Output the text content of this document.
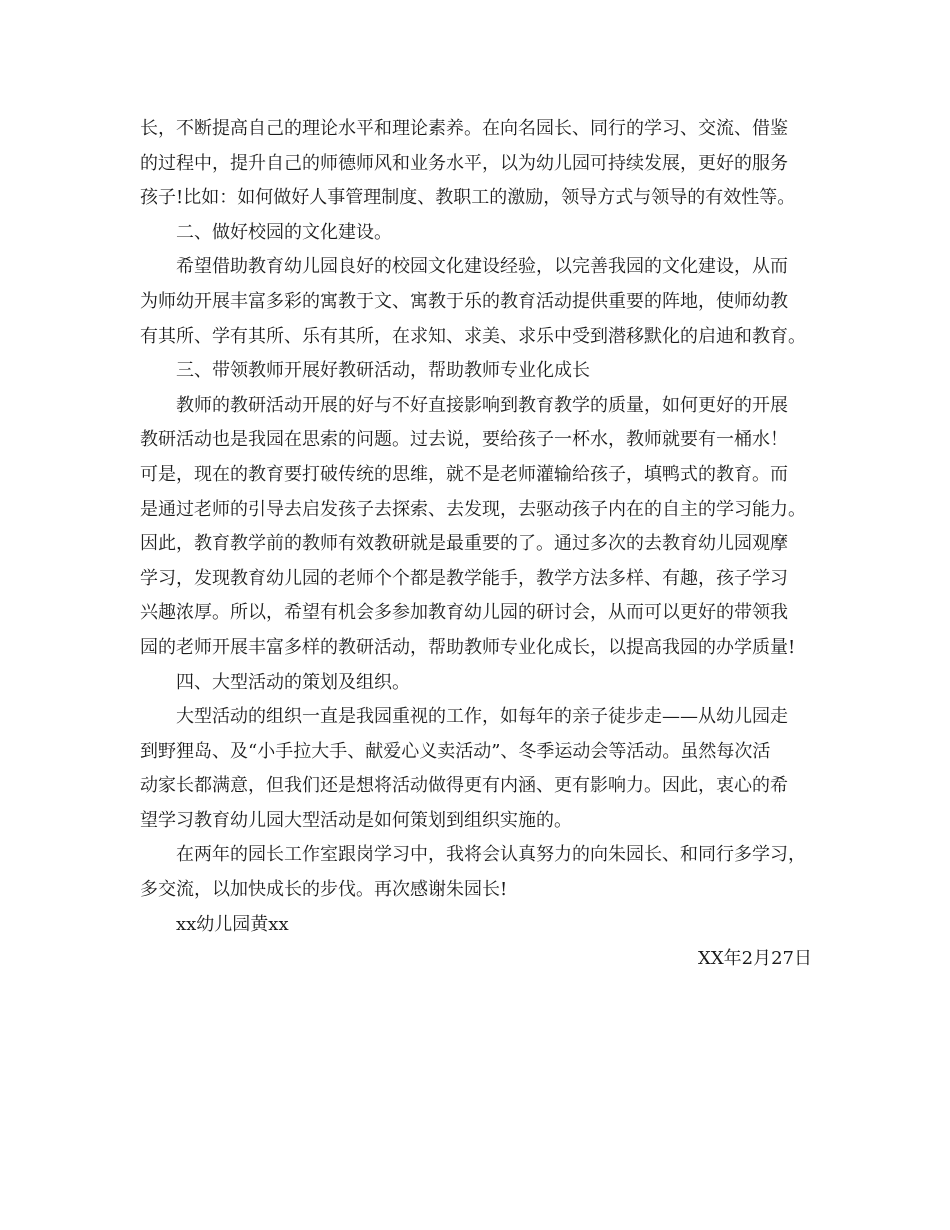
长，不断提高自己的理论水平和理论素养。在向名园长、同行的学习、交流、借鉴
的过程中，提升自己的师德师风和业务水平，以为幼儿园可持续发展，更好的服务
孩子!比如：如何做好人事管理制度、教职工的激励，领导方式与领导的有效性等。
二、做好校园的文化建设。
希望借助教育幼儿园良好的校园文化建设经验，以完善我园的文化建设，从而
为师幼开展丰富多彩的寓教于文、寓教于乐的教育活动提供重要的阵地，使师幼教
有其所、学有其所、乐有其所，在求知、求美、求乐中受到潜移默化的启迪和教育。
三、带领教师开展好教研活动，帮助教师专业化成长
教师的教研活动开展的好与不好直接影响到教育教学的质量，如何更好的开展
教研活动也是我园在思索的问题。过去说，要给孩子一杯水，教师就要有一桶水！
可是，现在的教育要打破传统的思维，就不是老师灌输给孩子，填鸭式的教育。而
是通过老师的引导去启发孩子去探索、去发现，去驱动孩子内在的自主的学习能力。
因此，教育教学前的教师有效教研就是最重要的了。通过多次的去教育幼儿园观摩
学习，发现教育幼儿园的老师个个都是教学能手，教学方法多样、有趣，孩子学习
兴趣浓厚。所以，希望有机会多参加教育幼儿园的研讨会，从而可以更好的带领我
园的老师开展丰富多样的教研活动，帮助教师专业化成长，以提高我园的办学质量!
四、大型活动的策划及组织。
大型活动的组织一直是我园重视的工作，如每年的亲子徒步走——从幼儿园走
到野狸岛、及“小手拉大手、献爱心义卖活动”、冬季运动会等活动。虽然每次活
动家长都满意，但我们还是想将活动做得更有内涵、更有影响力。因此，衷心的希
望学习教育幼儿园大型活动是如何策划到组织实施的。
在两年的园长工作室跟岗学习中，我将会认真努力的向朱园长、和同行多学习，
多交流，以加快成长的步伐。再次感谢朱园长!
xx幼儿园黄xx
XX年2月27日
